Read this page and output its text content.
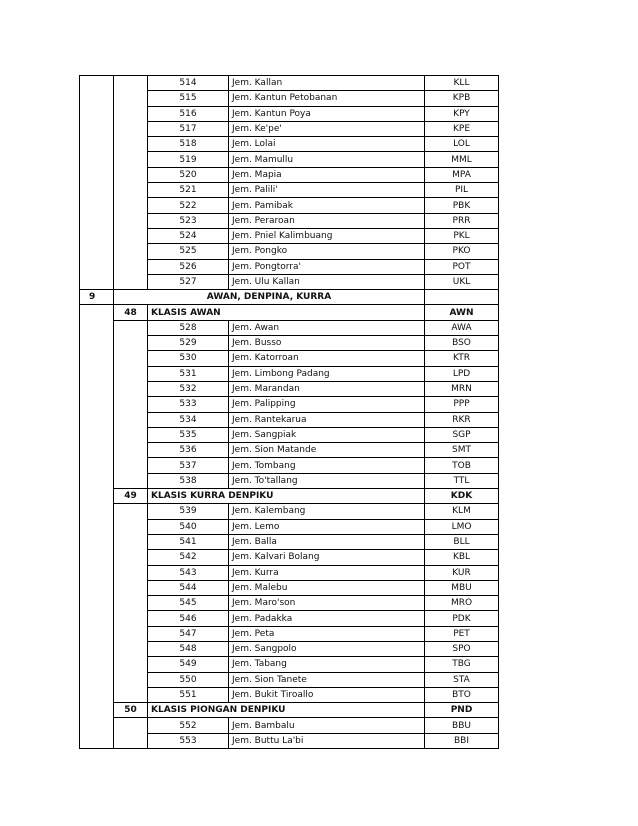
		514	Jem. Kallan	KLL
		515	Jem. Kantun Petobanan	KPB
		516	Jem. Kantun Poya	KPY
		517	Jem. Ke'pe'	KPE
		518	Jem. Lolai	LOL
		519	Jem. Mamullu	MML
		520	Jem. Mapia	MPA
		521	Jem. Palili'	PIL
		522	Jem. Pamibak	PBK
		523	Jem. Peraroan	PRR
		524	Jem. Pniel Kalimbuang	PKL
		525	Jem. Pongko	PKO
		526	Jem. Pongtorra'	POT
		527	Jem. Ulu Kallan	UKL
9	AWAN, DENPINA, KURRA			
	48	KLASIS AWAN		AWN
		528	Jem. Awan	AWA
		529	Jem. Busso	BSO
		530	Jem. Katorroan	KTR
		531	Jem. Limbong Padang	LPD
		532	Jem. Marandan	MRN
		533	Jem. Palipping	PPP
		534	Jem. Rantekarua	RKR
		535	Jem. Sangpiak	SGP
		536	Jem. Sion Matande	SMT
		537	Jem. Tombang	TOB
		538	Jem. To'tallang	TTL
	49	KLASIS KURRA DENPIKU		KDK
		539	Jem. Kalembang	KLM
		540	Jem. Lemo	LMO
		541	Jem. Balla	BLL
		542	Jem. Kalvari Bolang	KBL
		543	Jem. Kurra	KUR
		544	Jem. Malebu	MBU
		545	Jem. Maro'son	MRO
		546	Jem. Padakka	PDK
		547	Jem. Peta	PET
		548	Jem. Sangpolo	SPO
		549	Jem. Tabang	TBG
		550	Jem. Sion Tanete	STA
		551	Jem. Bukit Tiroallo	BTO
	50	KLASIS PIONGAN DENPIKU		PND
		552	Jem. Bambalu	BBU
		553	Jem. Buttu La'bi	BBI
